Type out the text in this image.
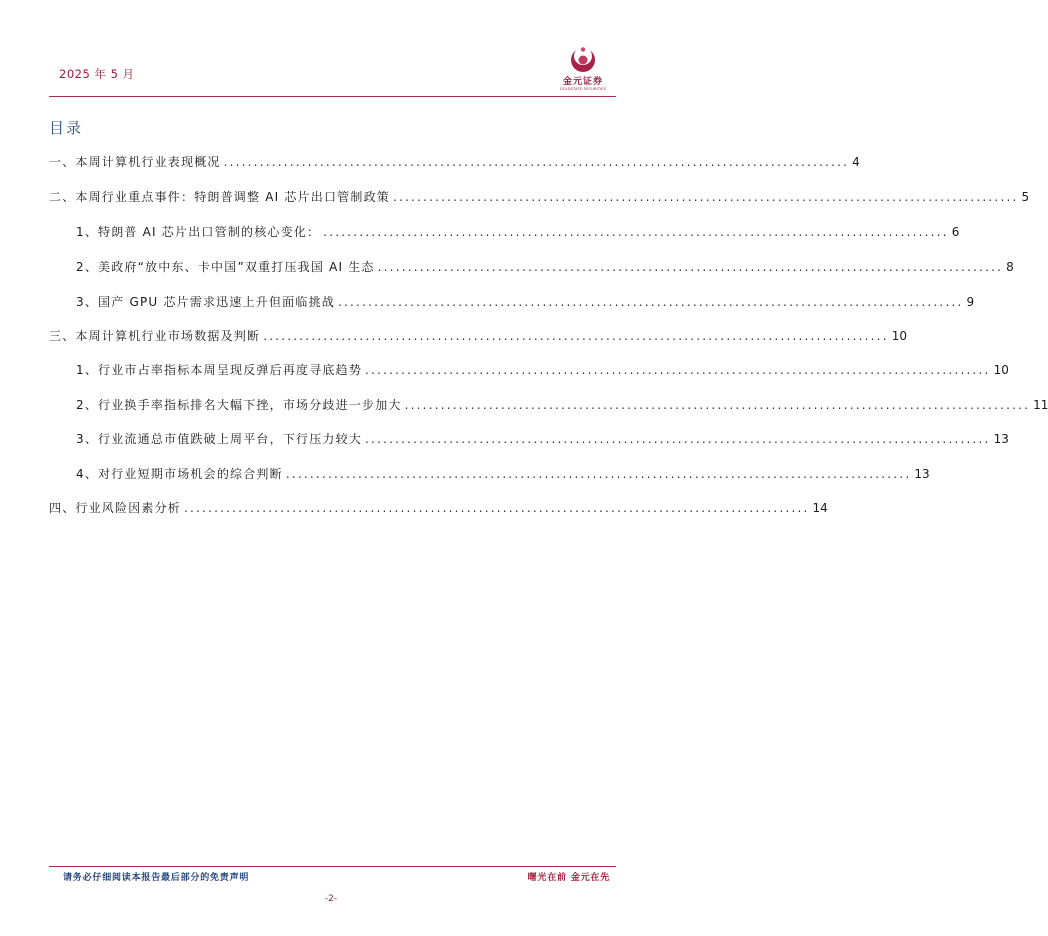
2025 年 5 月
金元证券
GOLDSTATE SECURITIES
目录
一、本周计算机行业表现概况 ........................................................................................................ 4
二、本周行业重点事件：特朗普调整 AI 芯片出口管制政策 ........................................................................................................ 5
1、特朗普 AI 芯片出口管制的核心变化： ........................................................................................................ 6
2、美政府“放中东、卡中国”双重打压我国 AI 生态 ........................................................................................................ 8
3、国产 GPU 芯片需求迅速上升但面临挑战 ........................................................................................................ 9
三、本周计算机行业市场数据及判断 ........................................................................................................ 10
1、行业市占率指标本周呈现反弹后再度寻底趋势 ........................................................................................................ 10
2、行业换手率指标排名大幅下挫，市场分歧进一步加大 ........................................................................................................ 11
3、行业流通总市值跌破上周平台，下行压力较大 ........................................................................................................ 13
4、对行业短期市场机会的综合判断 ........................................................................................................ 13
四、行业风险因素分析 ........................................................................................................ 14
请务必仔细阅读本报告最后部分的免责声明	曙光在前 金元在先
-2-
